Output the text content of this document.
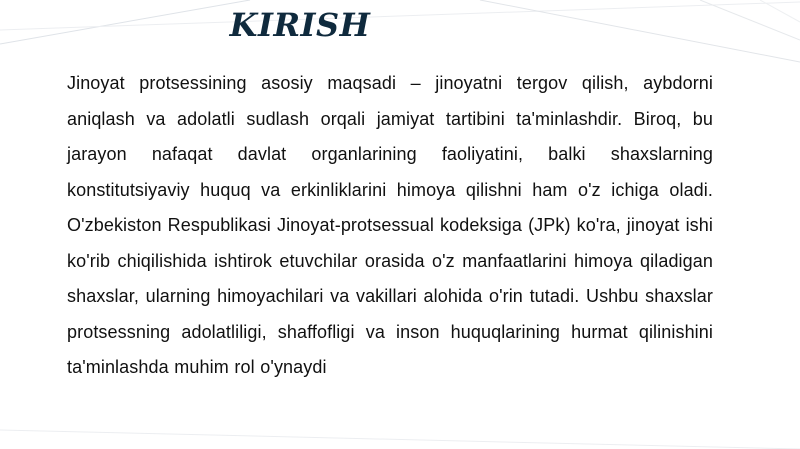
KIRISH

Jinoyat protsessining asosiy maqsadi – jinoyatni tergov qilish, aybdorni aniqlash va adolatli sudlash orqali jamiyat tartibini ta'minlashdir. Biroq, bu jarayon nafaqat davlat organlarining faoliyatini, balki shaxslarning konstitutsiyaviy huquq va erkinliklarini himoya qilishni ham o'z ichiga oladi. O'zbekiston Respublikasi Jinoyat-protsessual kodeksiga (JPk) ko'ra, jinoyat ishi ko'rib chiqilishida ishtirok etuvchilar orasida o'z manfaatlarini himoya qiladigan shaxslar, ularning himoyachilari va vakillari alohida o'rin tutadi. Ushbu shaxslar protsessning adolatliligi, shaffofligi va inson huquqlarining hurmat qilinishini ta'minlashda muhim rol o'ynaydi
